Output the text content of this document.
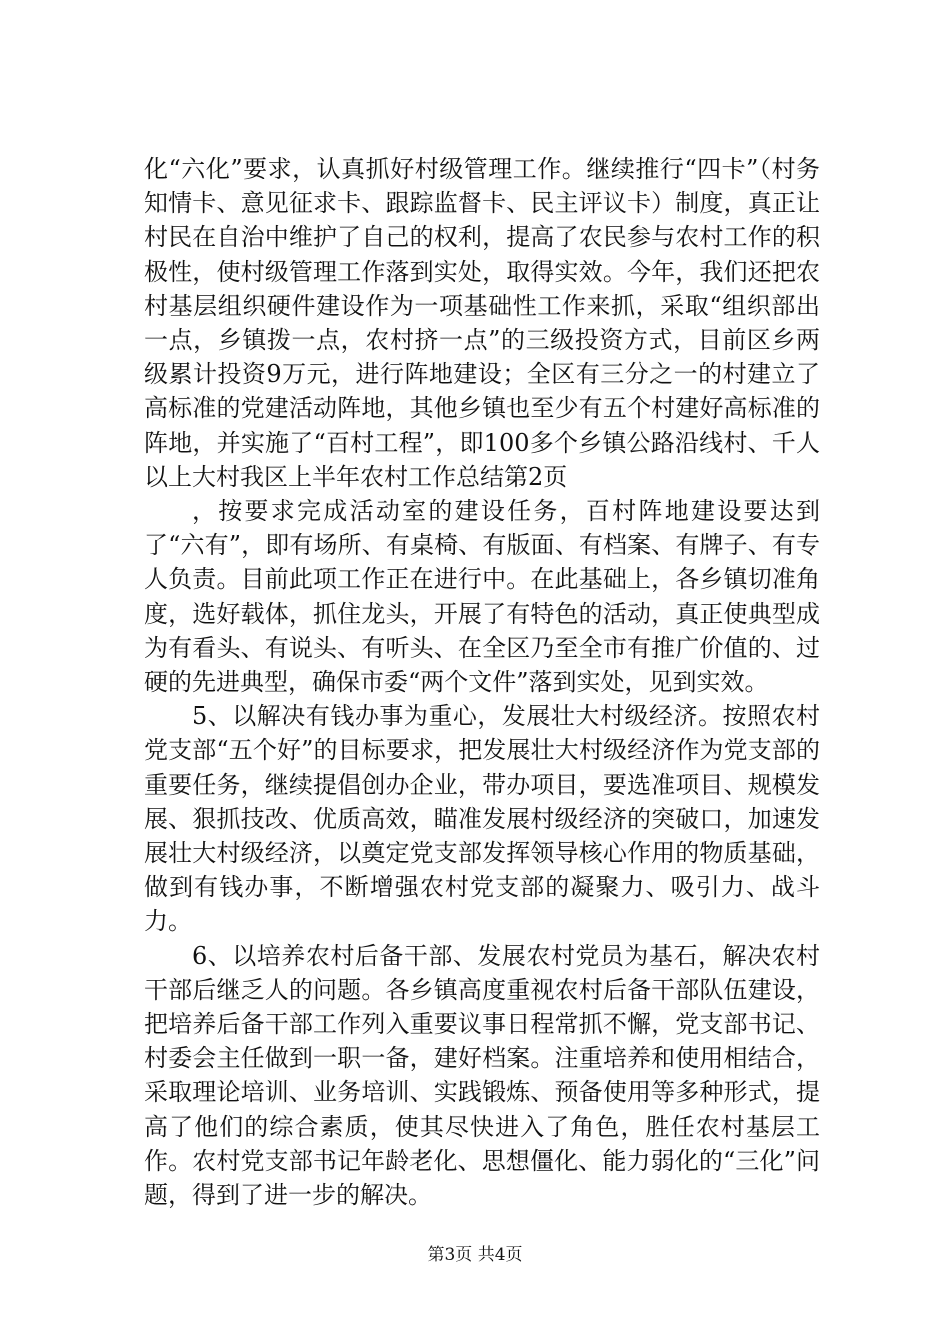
化“六化”要求，认真抓好村级管理工作。继续推行“四卡”（村务知情卡、意见征求卡、跟踪监督卡、民主评议卡）制度，真正让村民在自治中维护了自己的权利，提高了农民参与农村工作的积极性，使村级管理工作落到实处，取得实效。今年，我们还把农村基层组织硬件建设作为一项基础性工作来抓，采取“组织部出一点，乡镇拨一点，农村挤一点”的三级投资方式，目前区乡两级累计投资9万元，进行阵地建设；全区有三分之一的村建立了高标准的党建活动阵地，其他乡镇也至少有五个村建好高标准的阵地，并实施了“百村工程”，即100多个乡镇公路沿线村、千人以上大村我区上半年农村工作总结第2页

，按要求完成活动室的建设任务，百村阵地建设要达到了“六有”，即有场所、有桌椅、有版面、有档案、有牌子、有专人负责。目前此项工作正在进行中。在此基础上，各乡镇切准角度，选好载体，抓住龙头，开展了有特色的活动，真正使典型成为有看头、有说头、有听头、在全区乃至全市有推广价值的、过硬的先进典型，确保市委“两个文件”落到实处，见到实效。

5、以解决有钱办事为重心，发展壮大村级经济。按照农村党支部“五个好”的目标要求，把发展壮大村级经济作为党支部的重要任务，继续提倡创办企业，带办项目，要选准项目、规模发展、狠抓技改、优质高效，瞄准发展村级经济的突破口，加速发展壮大村级经济，以奠定党支部发挥领导核心作用的物质基础，做到有钱办事，不断增强农村党支部的凝聚力、吸引力、战斗力。

6、以培养农村后备干部、发展农村党员为基石，解决农村干部后继乏人的问题。各乡镇高度重视农村后备干部队伍建设，把培养后备干部工作列入重要议事日程常抓不懈，党支部书记、村委会主任做到一职一备，建好档案。注重培养和使用相结合，采取理论培训、业务培训、实践锻炼、预备使用等多种形式，提高了他们的综合素质，使其尽快进入了角色，胜任农村基层工作。农村党支部书记年龄老化、思想僵化、能力弱化的“三化”问题，得到了进一步的解决。

第3页 共4页
